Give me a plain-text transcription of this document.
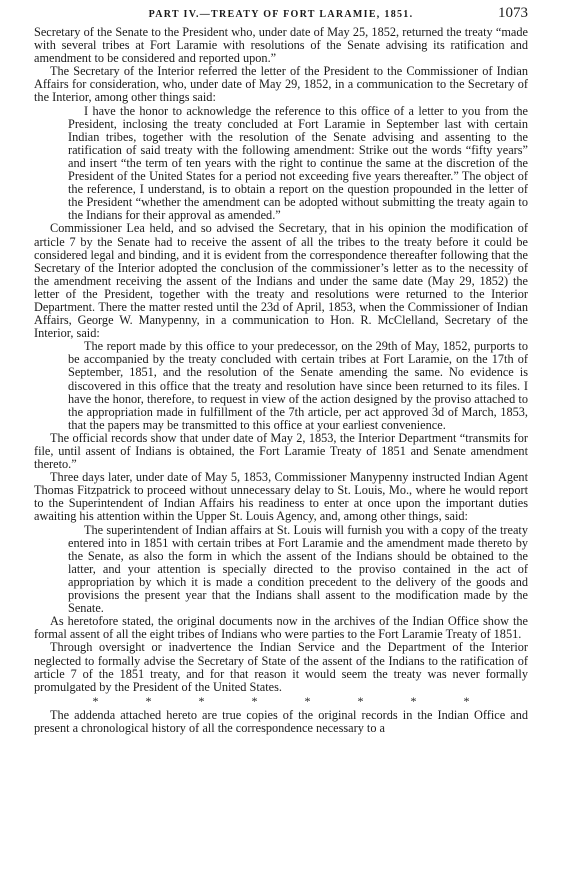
PART IV.—TREATY OF FORT LARAMIE, 1851.	1073

Secretary of the Senate to the President who, under date of May 25, 1852, returned the treaty “made with several tribes at Fort Laramie with resolutions of the Senate advising its ratification and amendment to be considered and reported upon.”

The Secretary of the Interior referred the letter of the President to the Commissioner of Indian Affairs for consideration, who, under date of May 29, 1852, in a communication to the Secretary of the Interior, among other things said:

I have the honor to acknowledge the reference to this office of a letter to you from the President, inclosing the treaty concluded at Fort Laramie in September last with certain Indian tribes, together with the resolution of the Senate advising and assenting to the ratification of said treaty with the following amendment: Strike out the words “fifty years” and insert “the term of ten years with the right to continue the same at the discretion of the President of the United States for a period not exceeding five years thereafter.” The object of the reference, I understand, is to obtain a report on the question propounded in the letter of the President “whether the amendment can be adopted without submitting the treaty again to the Indians for their approval as amended.”

Commissioner Lea held, and so advised the Secretary, that in his opinion the modification of article 7 by the Senate had to receive the assent of all the tribes to the treaty before it could be considered legal and binding, and it is evident from the correspondence thereafter following that the Secretary of the Interior adopted the conclusion of the commissioner’s letter as to the necessity of the amendment receiving the assent of the Indians and under the same date (May 29, 1852) the letter of the President, together with the treaty and resolutions were returned to the Interior Department. There the matter rested until the 23d of April, 1853, when the Commissioner of Indian Affairs, George W. Manypenny, in a communication to Hon. R. McClelland, Secretary of the Interior, said:

The report made by this office to your predecessor, on the 29th of May, 1852, purports to be accompanied by the treaty concluded with certain tribes at Fort Laramie, on the 17th of September, 1851, and the resolution of the Senate amending the same. No evidence is discovered in this office that the treaty and resolution have since been returned to its files. I have the honor, therefore, to request in view of the action designed by the proviso attached to the appropriation made in fulfillment of the 7th article, per act approved 3d of March, 1853, that the papers may be transmitted to this office at your earliest convenience.

The official records show that under date of May 2, 1853, the Interior Department “transmits for file, until assent of Indians is obtained, the Fort Laramie Treaty of 1851 and Senate amendment thereto.”

Three days later, under date of May 5, 1853, Commissioner Manypenny instructed Indian Agent Thomas Fitzpatrick to proceed without unnecessary delay to St. Louis, Mo., where he would report to the Superintendent of Indian Affairs his readiness to enter at once upon the important duties awaiting his attention within the Upper St. Louis Agency, and, among other things, said:

The superintendent of Indian affairs at St. Louis will furnish you with a copy of the treaty entered into in 1851 with certain tribes at Fort Laramie and the amendment made thereto by the Senate, as also the form in which the assent of the Indians should be obtained to the latter, and your attention is specially directed to the proviso contained in the act of appropriation by which it is made a condition precedent to the delivery of the goods and provisions the present year that the Indians shall assent to the modification made by the Senate.

As heretofore stated, the original documents now in the archives of the Indian Office show the formal assent of all the eight tribes of Indians who were parties to the Fort Laramie Treaty of 1851.

Through oversight or inadvertence the Indian Service and the Department of the Interior neglected to formally advise the Secretary of State of the assent of the Indians to the ratification of article 7 of the 1851 treaty, and for that reason it would seem the treaty was never formally promulgated by the President of the United States.

* * * * * * * *

The addenda attached hereto are true copies of the original records in the Indian Office and present a chronological history of all the correspondence necessary to a
